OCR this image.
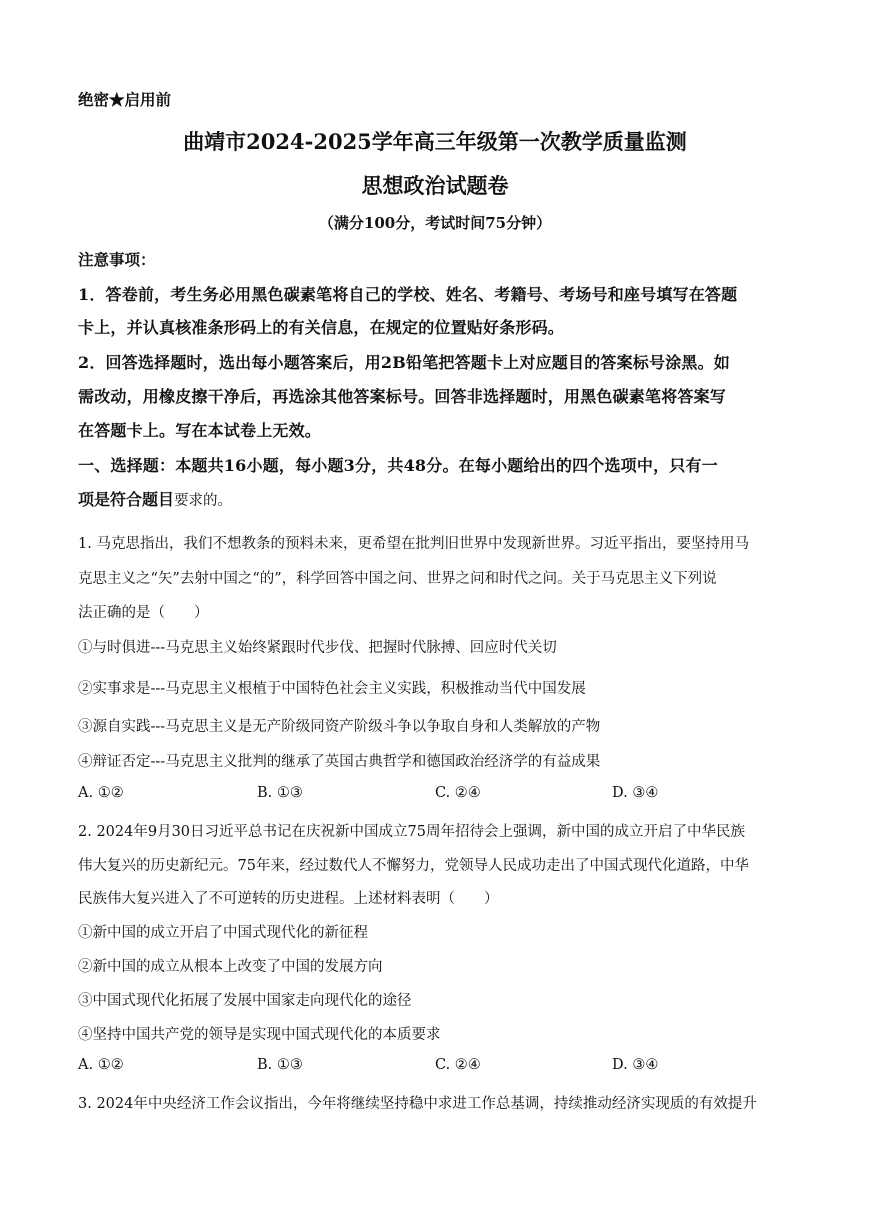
绝密★启用前
曲靖市2024-2025学年高三年级第一次教学质量监测
思想政治试题卷
（满分100分，考试时间75分钟）
注意事项：
1．答卷前，考生务必用黑色碳素笔将自己的学校、姓名、考籍号、考场号和座号填写在答题
卡上，并认真核准条形码上的有关信息，在规定的位置贴好条形码。
2．回答选择题时，选出每小题答案后，用2B铅笔把答题卡上对应题目的答案标号涂黑。如
需改动，用橡皮擦干净后，再选涂其他答案标号。回答非选择题时，用黑色碳素笔将答案写
在答题卡上。写在本试卷上无效。
一、选择题：本题共16小题，每小题3分，共48分。在每小题给出的四个选项中，只有一
项是符合题目要求的。
1. 马克思指出，我们不想教条的预料未来，更希望在批判旧世界中发现新世界。习近平指出，要坚持用马
克思主义之“矢”去射中国之“的”，科学回答中国之问、世界之问和时代之问。关于马克思主义下列说
法正确的是（　　）
①与时俱进---马克思主义始终紧跟时代步伐、把握时代脉搏、回应时代关切
②实事求是---马克思主义根植于中国特色社会主义实践，积极推动当代中国发展
③源自实践---马克思主义是无产阶级同资产阶级斗争以争取自身和人类解放的产物
④辩证否定---马克思主义批判的继承了英国古典哲学和德国政治经济学的有益成果
A. ①②	B. ①③	C. ②④	D. ③④
2. 2024年9月30日习近平总书记在庆祝新中国成立75周年招待会上强调，新中国的成立开启了中华民族
伟大复兴的历史新纪元。75年来，经过数代人不懈努力，党领导人民成功走出了中国式现代化道路，中华
民族伟大复兴进入了不可逆转的历史进程。上述材料表明（　　）
①新中国的成立开启了中国式现代化的新征程
②新中国的成立从根本上改变了中国的发展方向
③中国式现代化拓展了发展中国家走向现代化的途径
④坚持中国共产党的领导是实现中国式现代化的本质要求
A. ①②	B. ①③	C. ②④	D. ③④
3. 2024年中央经济工作会议指出，今年将继续坚持稳中求进工作总基调，持续推动经济实现质的有效提升
